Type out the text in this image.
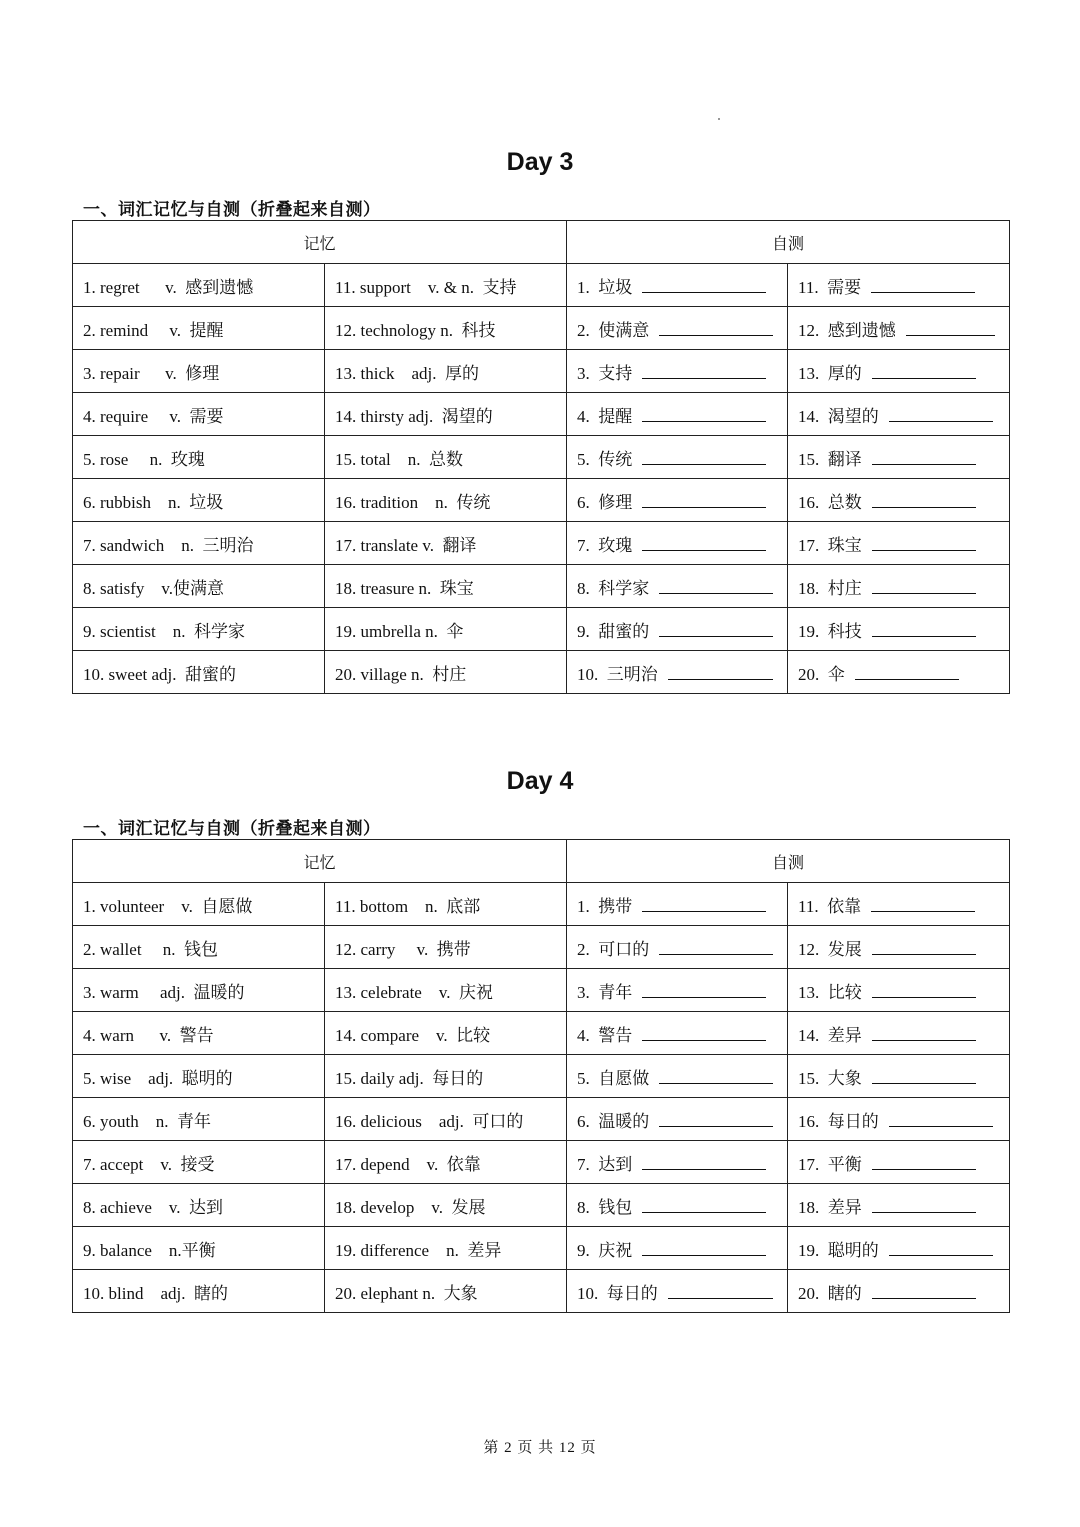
Day 3
一、词汇记忆与自测（折叠起来自测）
记忆		自测	
1. regret      v.  感到遗憾	11. support    v. & n.  支持	1.  垃圾	11.  需要
2. remind     v.  提醒	12. technology n.  科技	2.  使满意	12.  感到遗憾
3. repair      v.  修理	13. thick    adj.  厚的	3.  支持	13.  厚的
4. require     v.  需要	14. thirsty adj.  渴望的	4.  提醒	14.  渴望的
5. rose     n.  玫瑰	15. total    n.  总数	5.  传统	15.  翻译
6. rubbish    n.  垃圾	16. tradition    n.  传统	6.  修理	16.  总数
7. sandwich    n.  三明治	17. translate v.  翻译	7.  玫瑰	17.  珠宝
8. satisfy    v.使满意	18. treasure n.  珠宝	8.  科学家	18.  村庄
9. scientist    n.  科学家	19. umbrella n.  伞	9.  甜蜜的	19.  科技
10. sweet adj.  甜蜜的	20. village n.  村庄	10.  三明治	20.  伞
Day 4
一、词汇记忆与自测（折叠起来自测）
记忆		自测	
1. volunteer    v.  自愿做	11. bottom    n.  底部	1.  携带	11.  依靠
2. wallet     n.  钱包	12. carry     v.  携带	2.  可口的	12.  发展
3. warm     adj.  温暖的	13. celebrate    v.  庆祝	3.  青年	13.  比较
4. warn      v.  警告	14. compare    v.  比较	4.  警告	14.  差异
5. wise    adj.  聪明的	15. daily adj.  每日的	5.  自愿做	15.  大象
6. youth    n.  青年	16. delicious    adj.  可口的	6.  温暖的	16.  每日的
7. accept    v.  接受	17. depend    v.  依靠	7.  达到	17.  平衡
8. achieve    v.  达到	18. develop    v.  发展	8.  钱包	18.  差异
9. balance    n.平衡	19. difference    n.  差异	9.  庆祝	19.  聪明的
10. blind    adj.  瞎的	20. elephant n.  大象	10.  每日的	20.  瞎的
第 2 页 共 12 页
